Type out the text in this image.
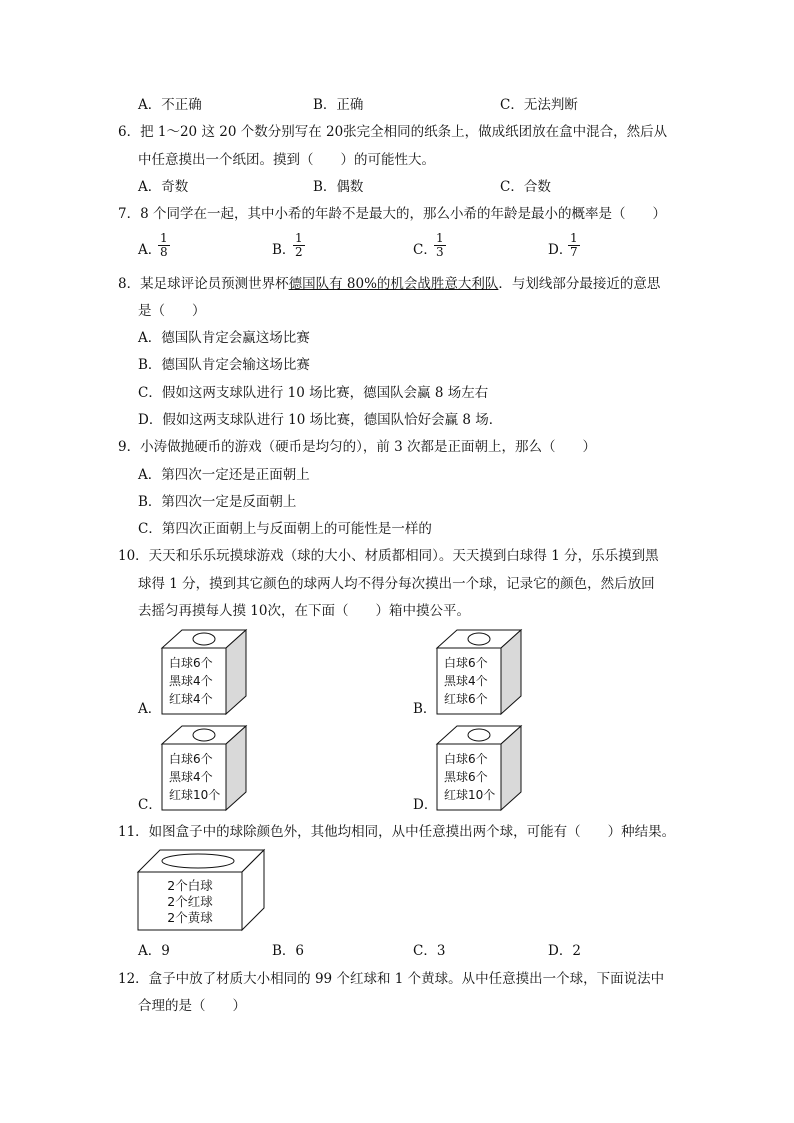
A．不正确	B．正确	C．无法判断
6．把 1～20 这 20 个数分别写在 20张完全相同的纸条上，做成纸团放在盒中混合，然后从
中任意摸出一个纸团。摸到（　　）的可能性大。
A．奇数	B．偶数	C．合数
7．8 个同学在一起，其中小希的年龄不是最大的，那么小希的年龄是最小的概率是（　　）
A．
$\frac{1}{8}$	B．
$\frac{1}{2}$	C．
$\frac{1}{3}$	D．
$\frac{1}{7}$
8．某足球评论员预测世界杯德国队有 80%的机会战胜意大利队．与划线部分最接近的意思
是（　　）
A．德国队肯定会赢这场比赛
B．德国队肯定会输这场比赛
C．假如这两支球队进行 10 场比赛，德国队会赢 8 场左右
D．假如这两支球队进行 10 场比赛，德国队恰好会赢 8 场．
9．小涛做抛硬币的游戏（硬币是均匀的），前 3 次都是正面朝上，那么（　　）
A．第四次一定还是正面朝上
B．第四次一定是反面朝上
C．第四次正面朝上与反面朝上的可能性是一样的
10．天天和乐乐玩摸球游戏（球的大小、材质都相同）。天天摸到白球得 1 分，乐乐摸到黑
球得 1 分，摸到其它颜色的球两人均不得分每次摸出一个球，记录它的颜色，然后放回
去摇匀再摸每人摸 10次，在下面（　　）箱中摸公平。
A．
白球6个
黑球4个
红球4个
B．
白球6个
黑球4个
红球6个
C．
白球6个
黑球4个
红球10个
D．
白球6个
黑球6个
红球10个
11．如图盒子中的球除颜色外，其他均相同，从中任意摸出两个球，可能有（　　）种结果。
2个白球
2个红球
2个黄球
A．9	B．6	C．3	D．2
12．盒子中放了材质大小相同的 99 个红球和 1 个黄球。从中任意摸出一个球，下面说法中
合理的是（　　）
